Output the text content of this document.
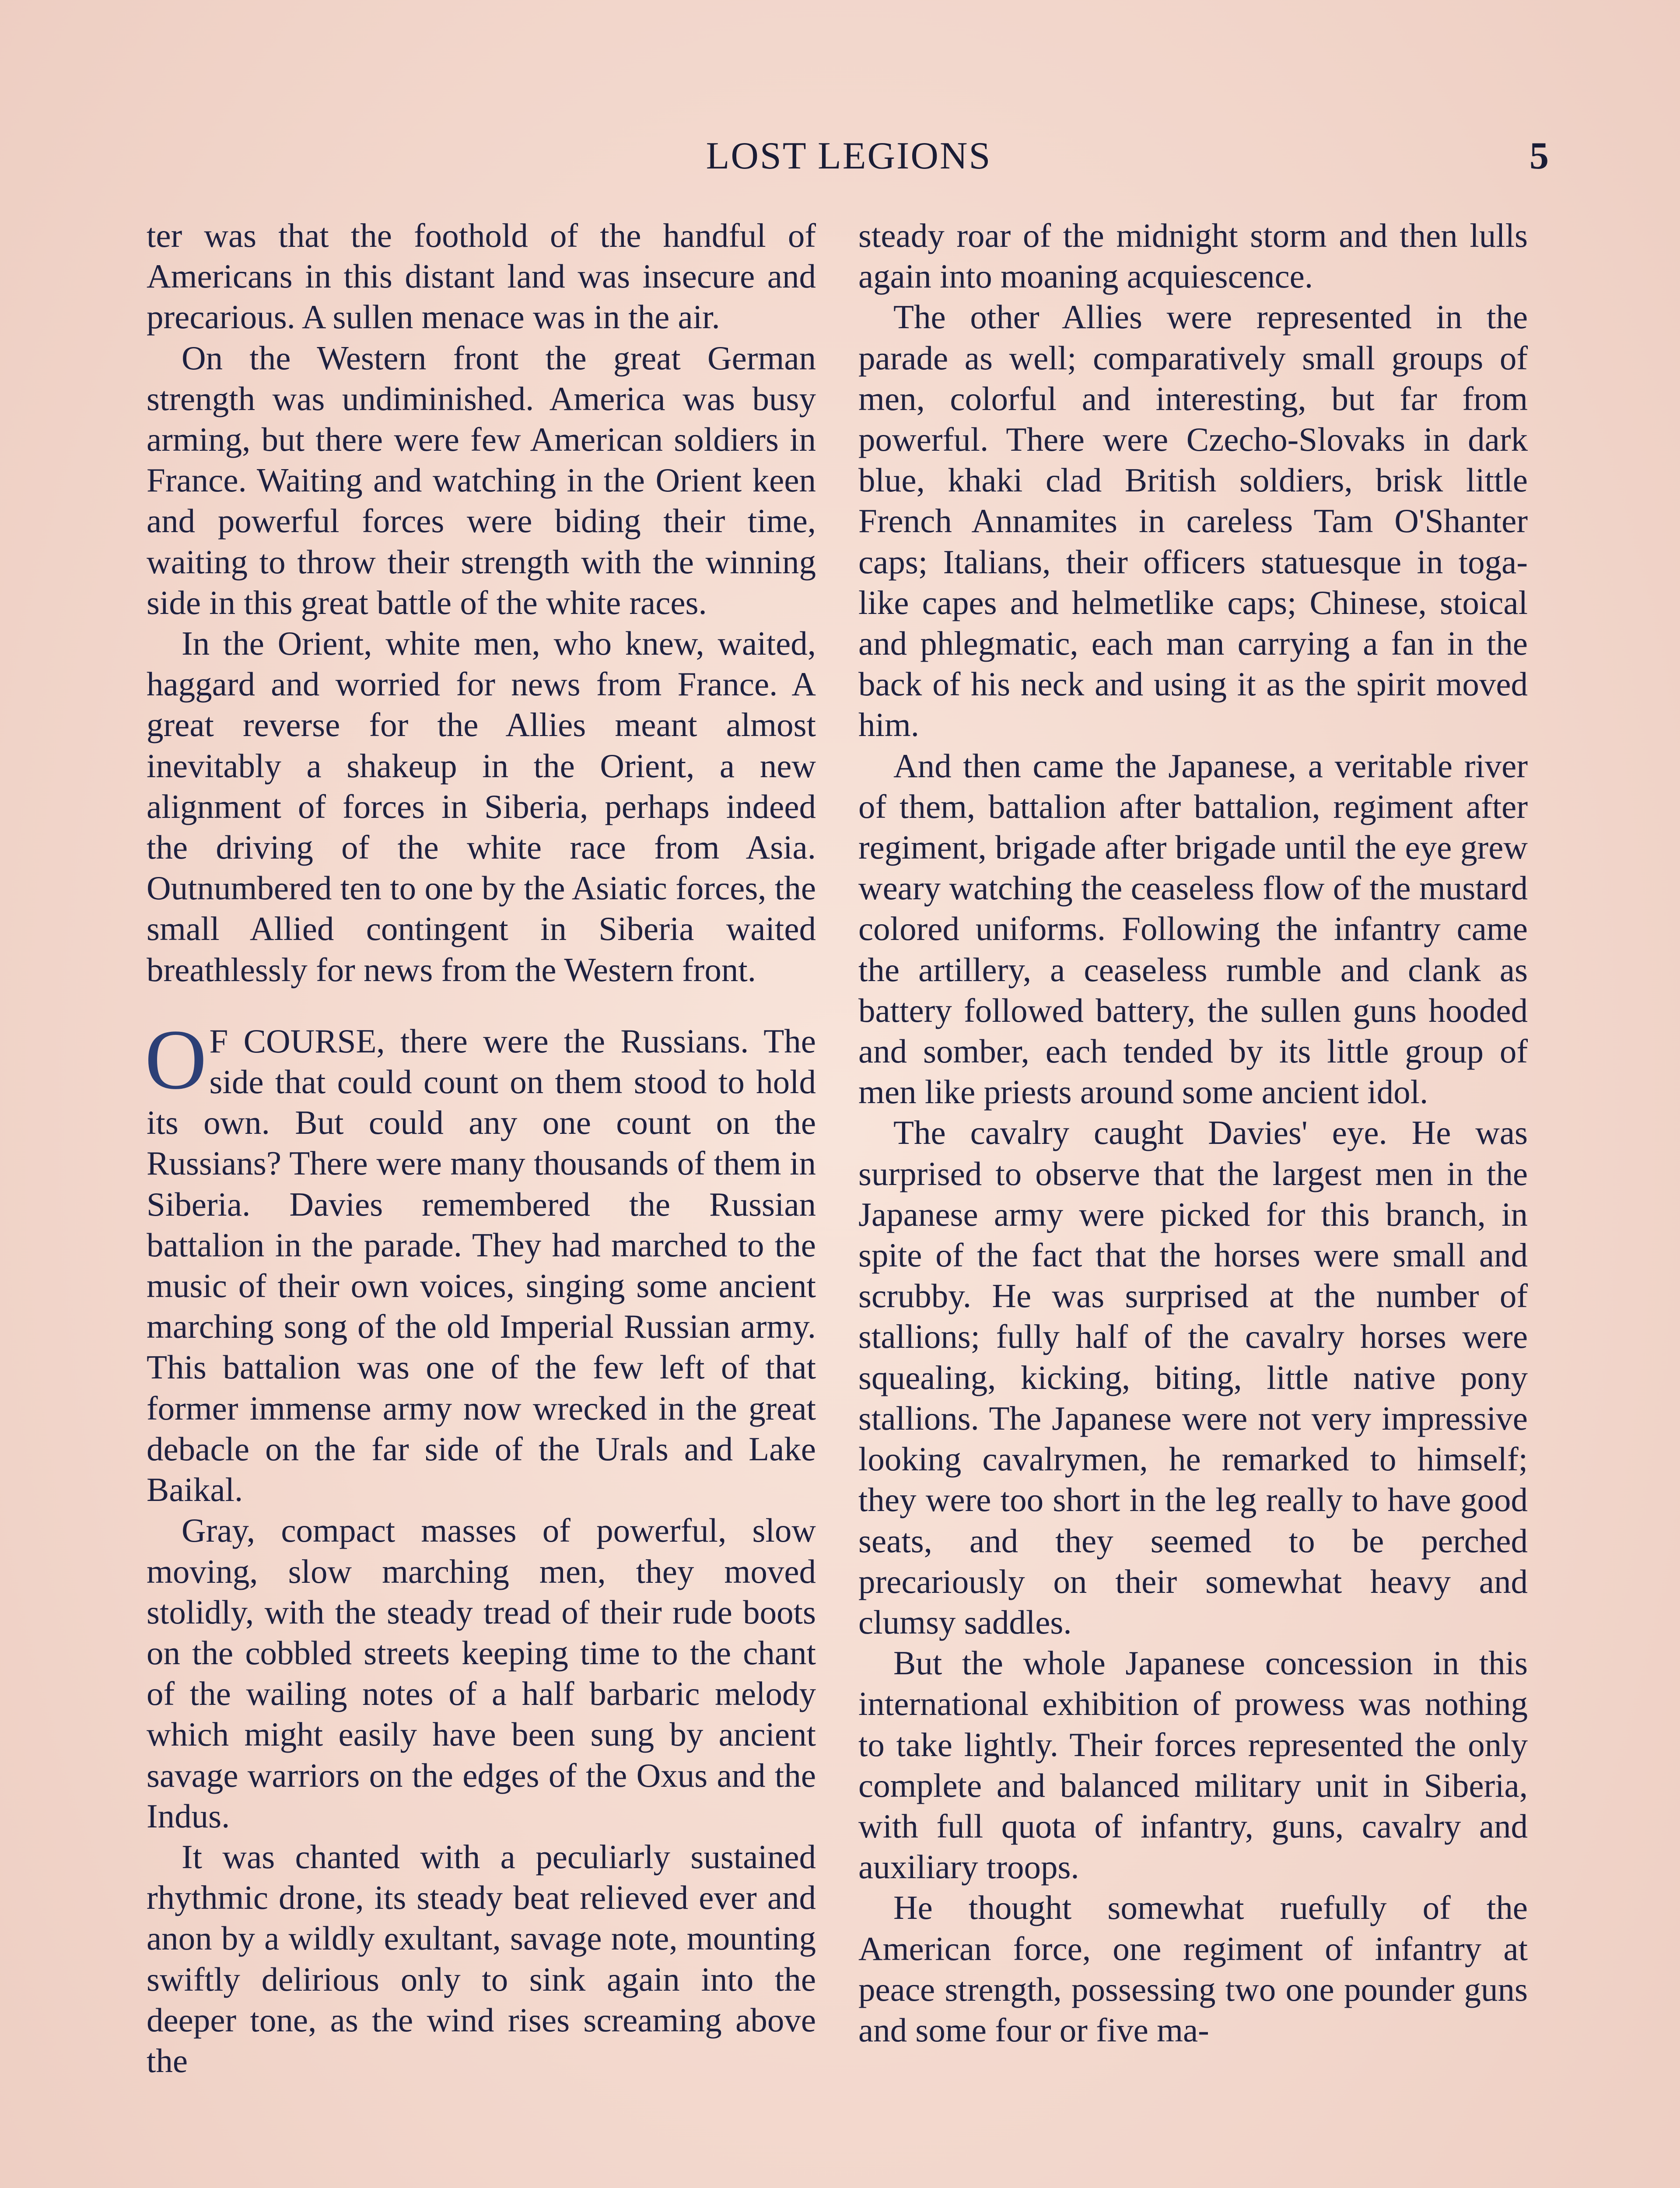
LOST LEGIONS	5

ter was that the foothold of the handful of Americans in this distant land was insecure and precarious. A sullen menace was in the air.

On the Western front the great German strength was undiminished. America was busy arming, but there were few American soldiers in France. Waiting and watching in the Orient keen and powerful forces were biding their time, waiting to throw their strength with the winning side in this great battle of the white races.

In the Orient, white men, who knew, waited, haggard and worried for news from France. A great reverse for the Allies meant almost inevitably a shakeup in the Orient, a new alignment of forces in Siberia, perhaps indeed the driving of the white race from Asia. Outnumbered ten to one by the Asiatic forces, the small Allied contingent in Siberia waited breathlessly for news from the Western front.

O F COURSE, there were the Russians. The side that could count on them stood to hold its own. But could any one count on the Russians? There were many thousands of them in Siberia. Davies remembered the Russian battalion in the parade. They had marched to the music of their own voices, singing some ancient marching song of the old Imperial Russian army. This battalion was one of the few left of that former immense army now wrecked in the great debacle on the far side of the Urals and Lake Baikal.

Gray, compact masses of powerful, slow moving, slow marching men, they moved stolidly, with the steady tread of their rude boots on the cobbled streets keeping time to the chant of the wailing notes of a half barbaric melody which might easily have been sung by ancient savage warriors on the edges of the Oxus and the Indus.

It was chanted with a peculiarly sustained rhythmic drone, its steady beat relieved ever and anon by a wildly exultant, savage note, mounting swiftly delirious only to sink again into the deeper tone, as the wind rises screaming above the

steady roar of the midnight storm and then lulls again into moaning acquiescence.

The other Allies were represented in the parade as well; comparatively small groups of men, colorful and interesting, but far from powerful. There were Czecho-Slovaks in dark blue, khaki clad British soldiers, brisk little French Annamites in careless Tam O'Shanter caps; Italians, their officers statuesque in toga-like capes and helmetlike caps; Chinese, stoical and phlegmatic, each man carrying a fan in the back of his neck and using it as the spirit moved him.

And then came the Japanese, a veritable river of them, battalion after battalion, regiment after regiment, brigade after brigade until the eye grew weary watching the ceaseless flow of the mustard colored uniforms. Following the infantry came the artillery, a ceaseless rumble and clank as battery followed battery, the sullen guns hooded and somber, each tended by its little group of men like priests around some ancient idol.

The cavalry caught Davies' eye. He was surprised to observe that the largest men in the Japanese army were picked for this branch, in spite of the fact that the horses were small and scrubby. He was surprised at the number of stallions; fully half of the cavalry horses were squealing, kicking, biting, little native pony stallions. The Japanese were not very impressive looking cavalrymen, he remarked to himself; they were too short in the leg really to have good seats, and they seemed to be perched precariously on their somewhat heavy and clumsy saddles.

But the whole Japanese concession in this international exhibition of prowess was nothing to take lightly. Their forces represented the only complete and balanced military unit in Siberia, with full quota of infantry, guns, cavalry and auxiliary troops.

He thought somewhat ruefully of the American force, one regiment of infantry at peace strength, possessing two one pounder guns and some four or five ma-
